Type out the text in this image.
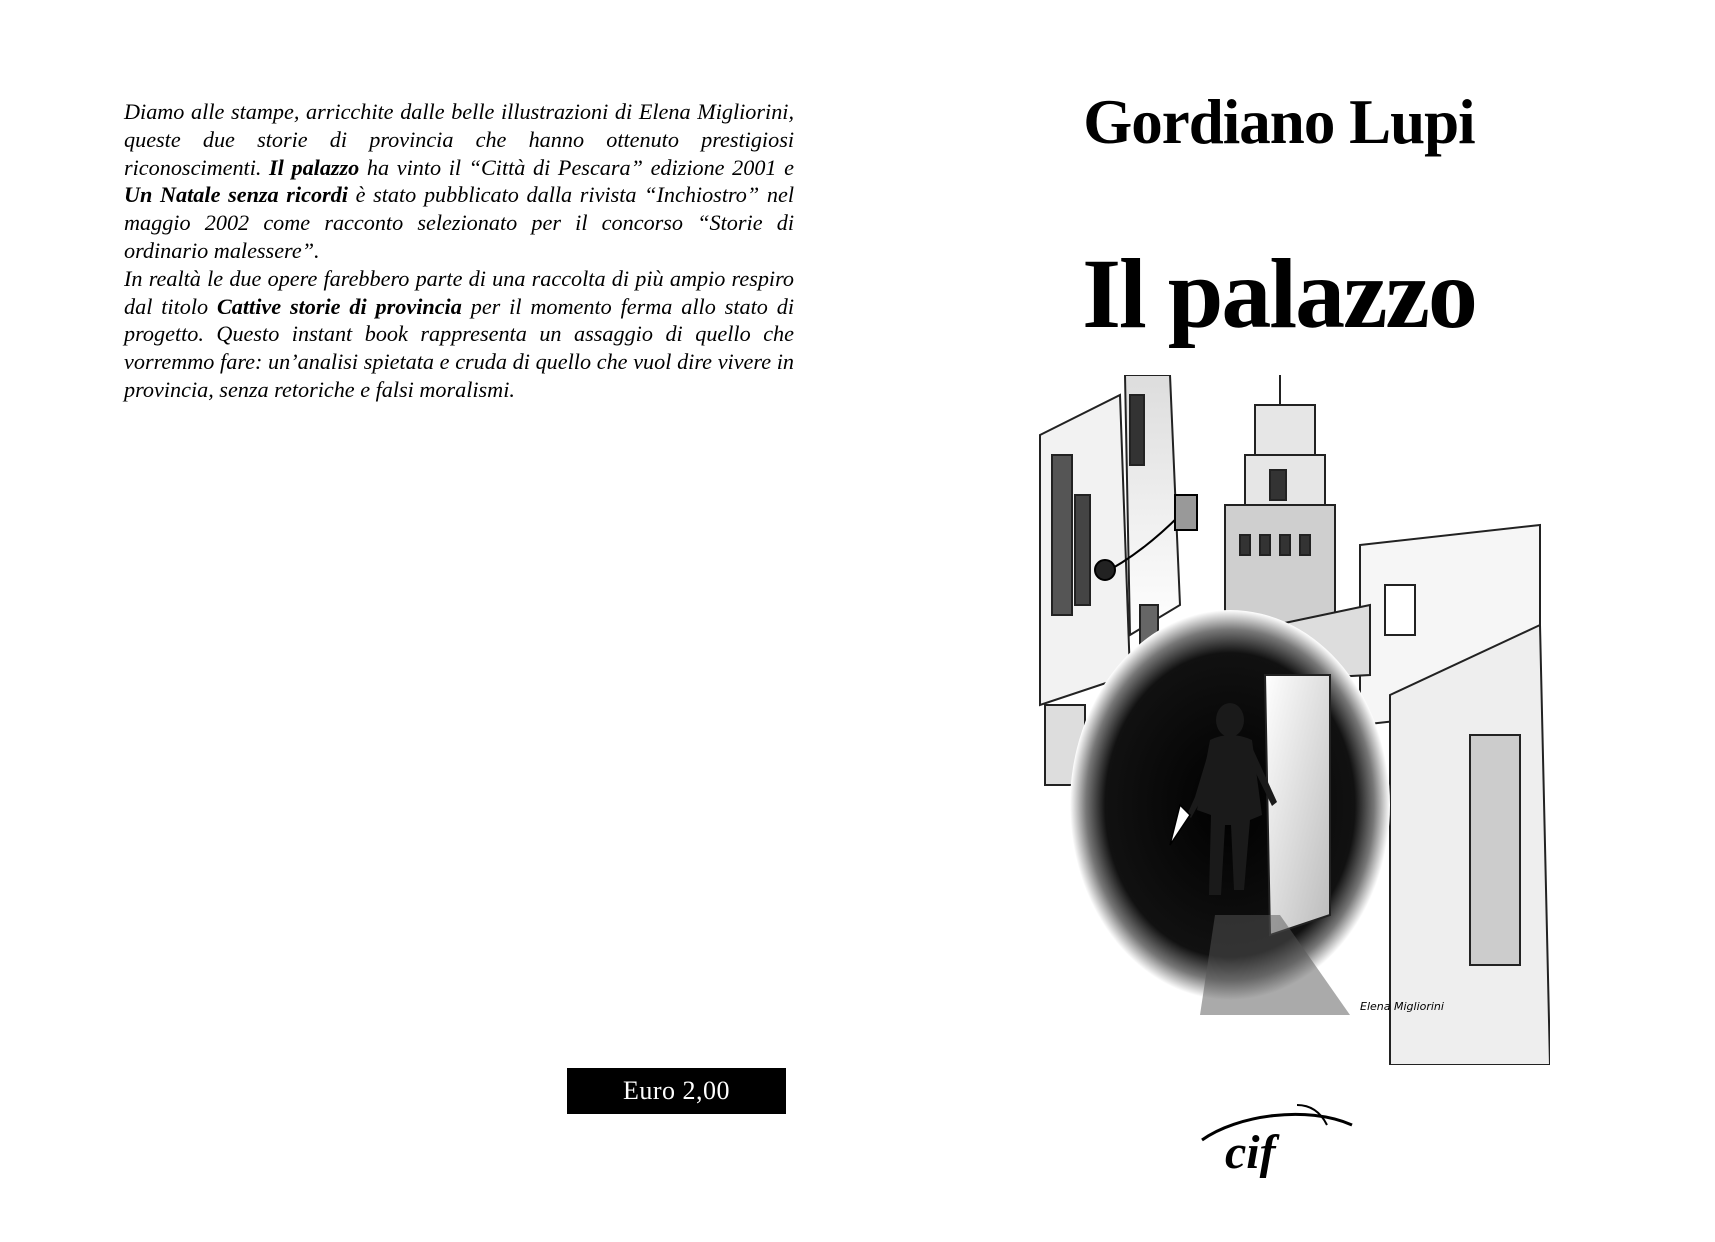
Diamo alle stampe, arricchite dalle belle illustrazioni di Elena Migliorini, queste due storie di provincia che hanno ottenuto prestigiosi riconoscimenti. Il palazzo ha vinto il “Città di Pescara” edizione 2001 e Un Natale senza ricordi è stato pubblicato dalla rivista “Inchiostro” nel maggio 2002 come racconto selezionato per il concorso “Storie di ordinario malessere”.

In realtà le due opere farebbero parte di una raccolta di più ampio respiro dal titolo Cattive storie di provincia per il momento ferma allo stato di progetto. Questo instant book rappresenta un assaggio di quello che vorremmo fare: un’analisi spietata e cruda di quello che vuol dire vivere in provincia, senza retoriche e falsi moralismi.

Euro 2,00
Gordiano Lupi
Il palazzo
Elena Migliorini
cif
